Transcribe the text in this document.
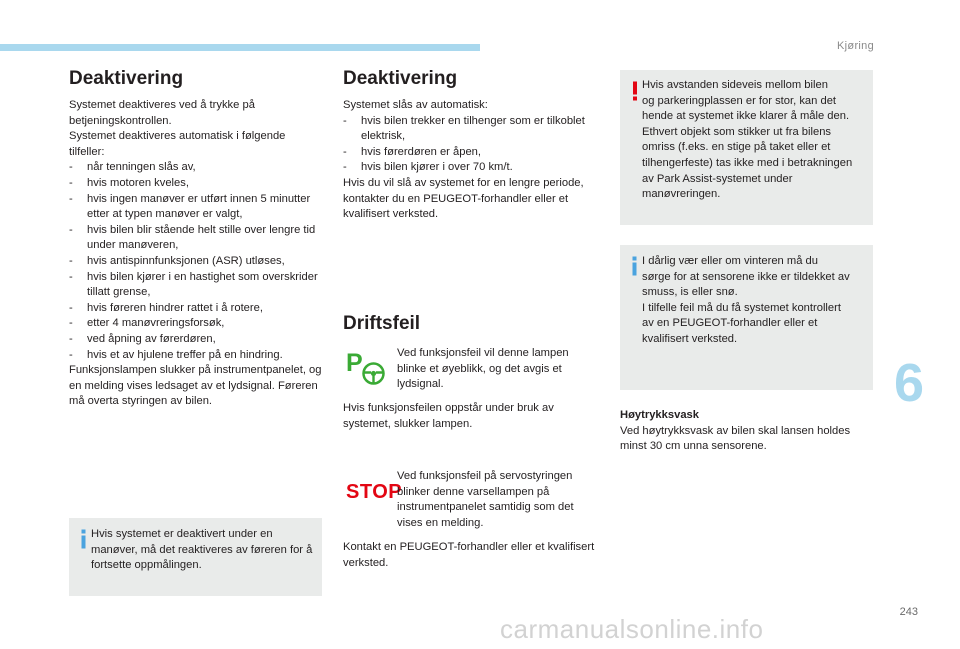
Kjøring
6
243
Deaktivering

Systemet deaktiveres ved å trykke på

betjeningskontrollen.

Systemet deaktiveres automatisk i følgende

tilfeller:

-	når tenningen slås av,
-	hvis motoren kveles,
-	hvis ingen manøver er utført innen 5 minutter etter at typen manøver er valgt,
-	hvis bilen blir stående helt stille over lengre tid under manøveren,
-	hvis antispinnfunksjonen (ASR) utløses,
-	hvis bilen kjører i en hastighet som overskrider tillatt grense,
-	hvis føreren hindrer rattet i å rotere,
-	etter 4 manøvreringsforsøk,
-	ved åpning av førerdøren,
-	hvis et av hjulene treffer på en hindring.

Funksjonslampen slukker på instrumentpanelet, og en melding vises ledsaget av et lydsignal. Føreren må overta styringen av bilen.

Hvis systemet er deaktivert under en manøver, må det reaktiveres av føreren for å fortsette oppmålingen.
Deaktivering

Systemet slås av automatisk:

-	hvis bilen trekker en tilhenger som er tilkoblet elektrisk,
-	hvis førerdøren er åpen,
-	hvis bilen kjører i over 70 km/t.

Hvis du vil slå av systemet for en lengre periode, kontakter du en PEUGEOT-forhandler eller et kvalifisert verksted.

Driftsfeil
P	Ved funksjonsfeil vil denne lampen blinke et øyeblikk, og det avgis et lydsignal.
Hvis funksjonsfeilen oppstår under bruk av systemet, slukker lampen.
STOP
Ved funksjonsfeil på servostyringen blinker denne varsellampen på instrumentpanelet samtidig som det vises en melding.
Kontakt en PEUGEOT-forhandler eller et kvalifisert verksted.

Hvis avstanden sideveis mellom bilen

og parkeringplassen er for stor, kan det

hende at systemet ikke klarer å måle den.

Ethvert objekt som stikker ut fra bilens

omriss (f.eks. en stige på taket eller et

tilhengerfeste) tas ikke med i betrakningen

av Park Assist-systemet under

manøvreringen.

I dårlig vær eller om vinteren må du

sørge for at sensorene ikke er tildekket av

smuss, is eller snø.

I tilfelle feil må du få systemet kontrollert

av en PEUGEOT-forhandler eller et

kvalifisert verksted.

Høytrykksvask

Ved høytrykksvask av bilen skal lansen holdes minst 30 cm unna sensorene.

carmanualsonline.info
